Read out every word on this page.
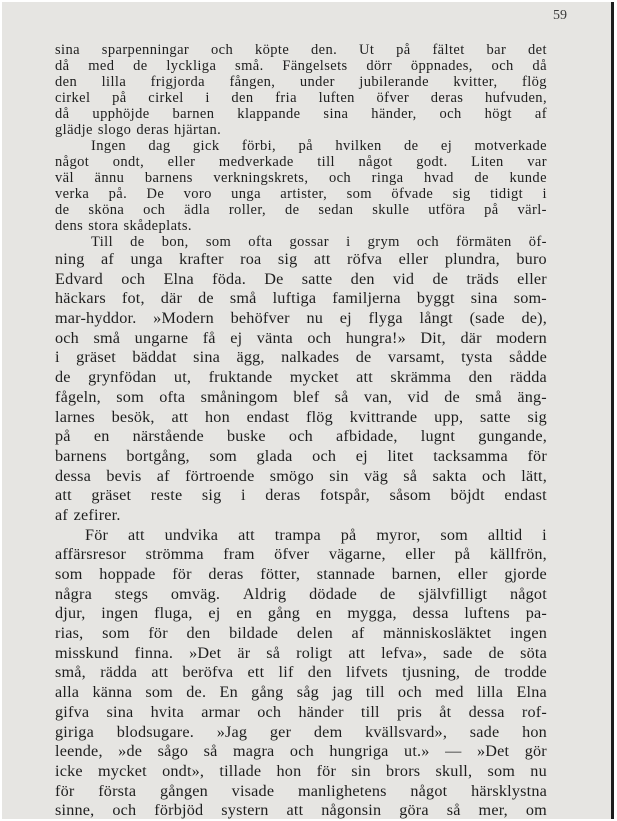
59
sina sparpenningar och köpte den. Ut på fältet bar det
då med de lyckliga små. Fängelsets dörr öppnades, och då
den lilla frigjorda fången, under jubilerande kvitter, flög
cirkel på cirkel i den fria luften öfver deras hufvuden,
då upphöjde barnen klappande sina händer, och högt af
glädje slogo deras hjärtan.
Ingen dag gick förbi, på hvilken de ej motverkade
något ondt, eller medverkade till något godt. Liten var
väl ännu barnens verkningskrets, och ringa hvad de kunde
verka på. De voro unga artister, som öfvade sig tidigt i
de sköna och ädla roller, de sedan skulle utföra på värl-
dens stora skådeplats.
Till de bon, som ofta gossar i grym och förmäten öf-
ning af unga krafter roa sig att röfva eller plundra, buro
Edvard och Elna föda. De satte den vid de träds eller
häckars fot, där de små luftiga familjerna byggt sina som-
mar-hyddor. »Modern behöfver nu ej flyga långt (sade de),
och små ungarne få ej vänta och hungra!» Dit, där modern
i gräset bäddat sina ägg, nalkades de varsamt, tysta sådde
de grynfödan ut, fruktande mycket att skrämma den rädda
fågeln, som ofta småningom blef så van, vid de små äng-
larnes besök, att hon endast flög kvittrande upp, satte sig
på en närstående buske och afbidade, lugnt gungande,
barnens bortgång, som glada och ej litet tacksamma för
dessa bevis af förtroende smögo sin väg så sakta och lätt,
att gräset reste sig i deras fotspår, såsom böjdt endast
af zefirer.
För att undvika att trampa på myror, som alltid i
affärsresor strömma fram öfver vägarne, eller på källfrön,
som hoppade för deras fötter, stannade barnen, eller gjorde
några stegs omväg. Aldrig dödade de självfilligt något
djur, ingen fluga, ej en gång en mygga, dessa luftens pa-
rias, som för den bildade delen af människosläktet ingen
misskund finna. »Det är så roligt att lefva», sade de söta
små, rädda att beröfva ett lif den lifvets tjusning, de trodde
alla känna som de. En gång såg jag till och med lilla Elna
gifva sina hvita armar och händer till pris åt dessa rof-
giriga blodsugare. »Jag ger dem kvällsvard», sade hon
leende, »de sågo så magra och hungriga ut.» — »Det gör
icke mycket ondt», tillade hon för sin brors skull, som nu
för första gången visade manlighetens något härsklystna
sinne, och förbjöd systern att någonsin göra så mer, om
